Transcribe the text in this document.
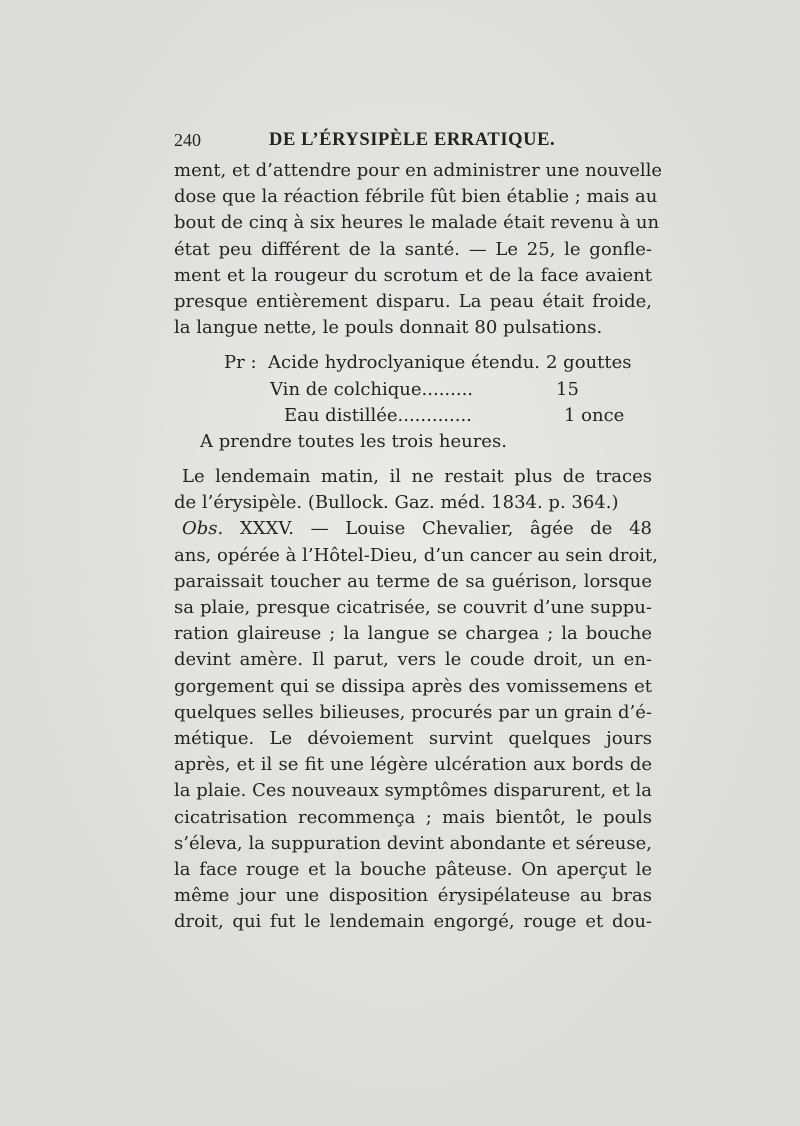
240	DE L’ÉRYSIPÈLE ERRATIQUE.
ment, et d’attendre pour en administrer une nouvelle
dose que la réaction fébrile fût bien établie ; mais au
bout de cinq à six heures le malade était revenu à un
état peu différent de la santé. — Le 25, le gonfle-
ment et la rougeur du scrotum et de la face avaient
presque entièrement disparu. La peau était froide,
la langue nette, le pouls donnait 80 pulsations.
Pr : Acide hydroclyanique étendu. 2 gouttes
Vin de colchique.........	15
Eau distillée.............	1 once
A prendre toutes les trois heures.
Le lendemain matin, il ne restait plus de traces
de l’érysipèle. (Bullock. Gaz. méd. 1834. p. 364.)
Obs. XXXV. — Louise Chevalier, âgée de 48
ans, opérée à l’Hôtel-Dieu, d’un cancer au sein droit,
paraissait toucher au terme de sa guérison, lorsque
sa plaie, presque cicatrisée, se couvrit d’une suppu-
ration glaireuse ; la langue se chargea ; la bouche
devint amère. Il parut, vers le coude droit, un en-
gorgement qui se dissipa après des vomissemens et
quelques selles bilieuses, procurés par un grain d’é-
métique. Le dévoiement survint quelques jours
après, et il se fit une légère ulcération aux bords de
la plaie. Ces nouveaux symptômes disparurent, et la
cicatrisation recommença ; mais bientôt, le pouls
s’éleva, la suppuration devint abondante et séreuse,
la face rouge et la bouche pâteuse. On aperçut le
même jour une disposition érysipélateuse au bras
droit, qui fut le lendemain engorgé, rouge et dou-
